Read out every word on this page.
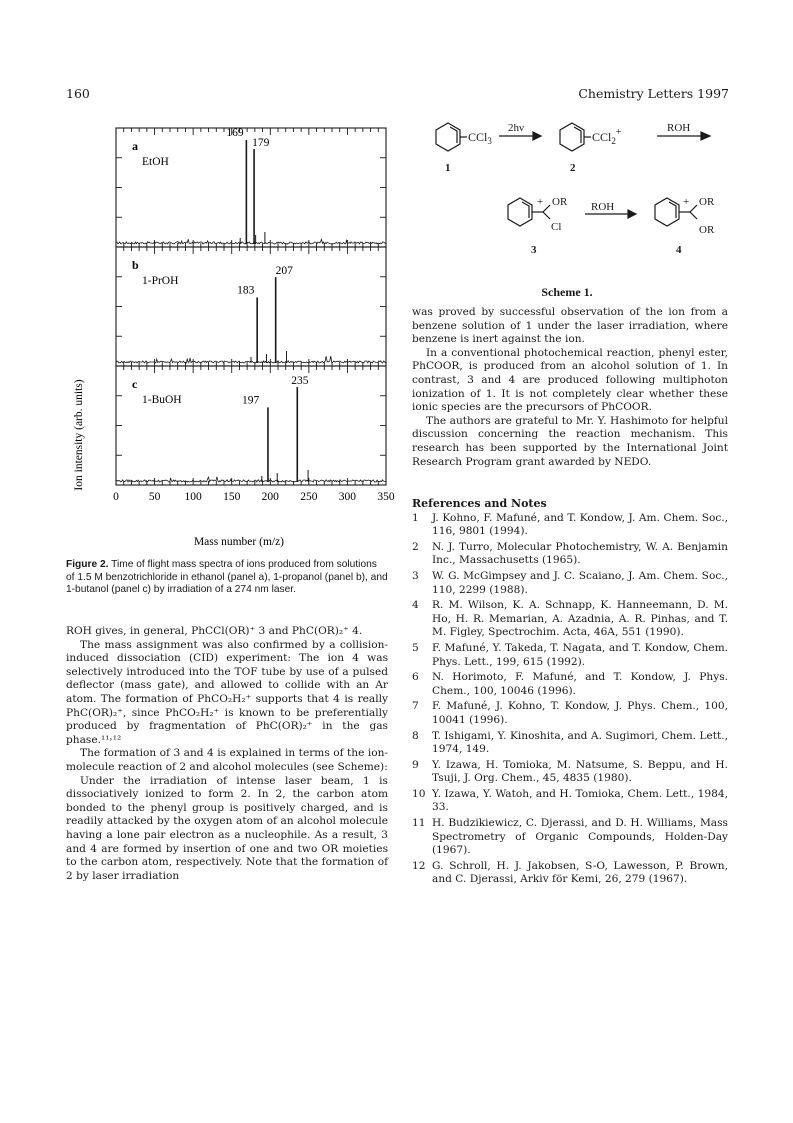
160	Chemistry Letters 1997
169
179
a
EtOH
183
207
b
1-PrOH
197
235
c
1-BuOH
0	50 100 150 200 250 300 350
Ion intensity (arb. units)
Mass number (m/z)
Figure 2. Time of flight mass spectra of ions produced from solutions of 1.5 M benzotrichloride in ethanol (panel a), 1-propanol (panel b), and 1-butanol (panel c) by irradiation of a 274 nm laser.

ROH gives, in general, PhCCl(OR)⁺ 3 and PhC(OR)₂⁺ 4.

The mass assignment was also confirmed by a collision-induced dissociation (CID) experiment: The ion 4 was selectively introduced into the TOF tube by use of a pulsed deflector (mass gate), and allowed to collide with an Ar atom. The formation of PhCO₂H₂⁺ supports that 4 is really PhC(OR)₂⁺, since PhCO₂H₂⁺ is known to be preferentially produced by fragmentation of PhC(OR)₂⁺ in the gas phase.¹¹˒¹²

The formation of 3 and 4 is explained in terms of the ion-molecule reaction of 2 and alcohol molecules (see Scheme):

Under the irradiation of intense laser beam, 1 is dissociatively ionized to form 2. In 2, the carbon atom bonded to the phenyl group is positively charged, and is readily attacked by the oxygen atom of an alcohol molecule having a lone pair electron as a nucleophile. As a result, 3 and 4 are formed by insertion of one and two OR moieties to the carbon atom, respectively. Note that the formation of 2 by laser irradiation

CCl$_3$
2hν
CCl$_2$+	ROH
1	2
+ OR
Cl
ROH	+ OR
OR
3	4
Scheme 1.

was proved by successful observation of the ion from a benzene solution of 1 under the laser irradiation, where benzene is inert against the ion.

In a conventional photochemical reaction, phenyl ester, PhCOOR, is produced from an alcohol solution of 1. In contrast, 3 and 4 are produced following multiphoton ionization of 1. It is not completely clear whether these ionic species are the precursors of PhCOOR.

The authors are grateful to Mr. Y. Hashimoto for helpful discussion concerning the reaction mechanism. This research has been supported by the International Joint Research Program grant awarded by NEDO.

References and Notes
1	J. Kohno, F. Mafuné, and T. Kondow, J. Am. Chem. Soc., 116, 9801 (1994).
2	N. J. Turro, Molecular Photochemistry, W. A. Benjamin Inc., Massachusetts (1965).
3	W. G. McGimpsey and J. C. Scaiano, J. Am. Chem. Soc., 110, 2299 (1988).
4	R. M. Wilson, K. A. Schnapp, K. Hanneemann, D. M. Ho, H. R. Memarian, A. Azadnia, A. R. Pinhas, and T. M. Figley, Spectrochim. Acta, 46A, 551 (1990).
5	F. Mafuné, Y. Takeda, T. Nagata, and T. Kondow, Chem. Phys. Lett., 199, 615 (1992).
6	N. Horimoto, F. Mafuné, and T. Kondow, J. Phys. Chem., 100, 10046 (1996).
7	F. Mafuné, J. Kohno, T. Kondow, J. Phys. Chem., 100, 10041 (1996).
8	T. Ishigami, Y. Kinoshita, and A. Sugimori, Chem. Lett., 1974, 149.
9	Y. Izawa, H. Tomioka, M. Natsume, S. Beppu, and H. Tsuji, J. Org. Chem., 45, 4835 (1980).
10 Y. Izawa, Y. Watoh, and H. Tomioka, Chem. Lett., 1984, 33.
11 H. Budzikiewicz, C. Djerassi, and D. H. Williams, Mass Spectrometry of Organic Compounds, Holden-Day (1967).
12 G. Schroll, H. J. Jakobsen, S-O, Lawesson, P. Brown, and C. Djerassi, Arkiv för Kemi, 26, 279 (1967).
